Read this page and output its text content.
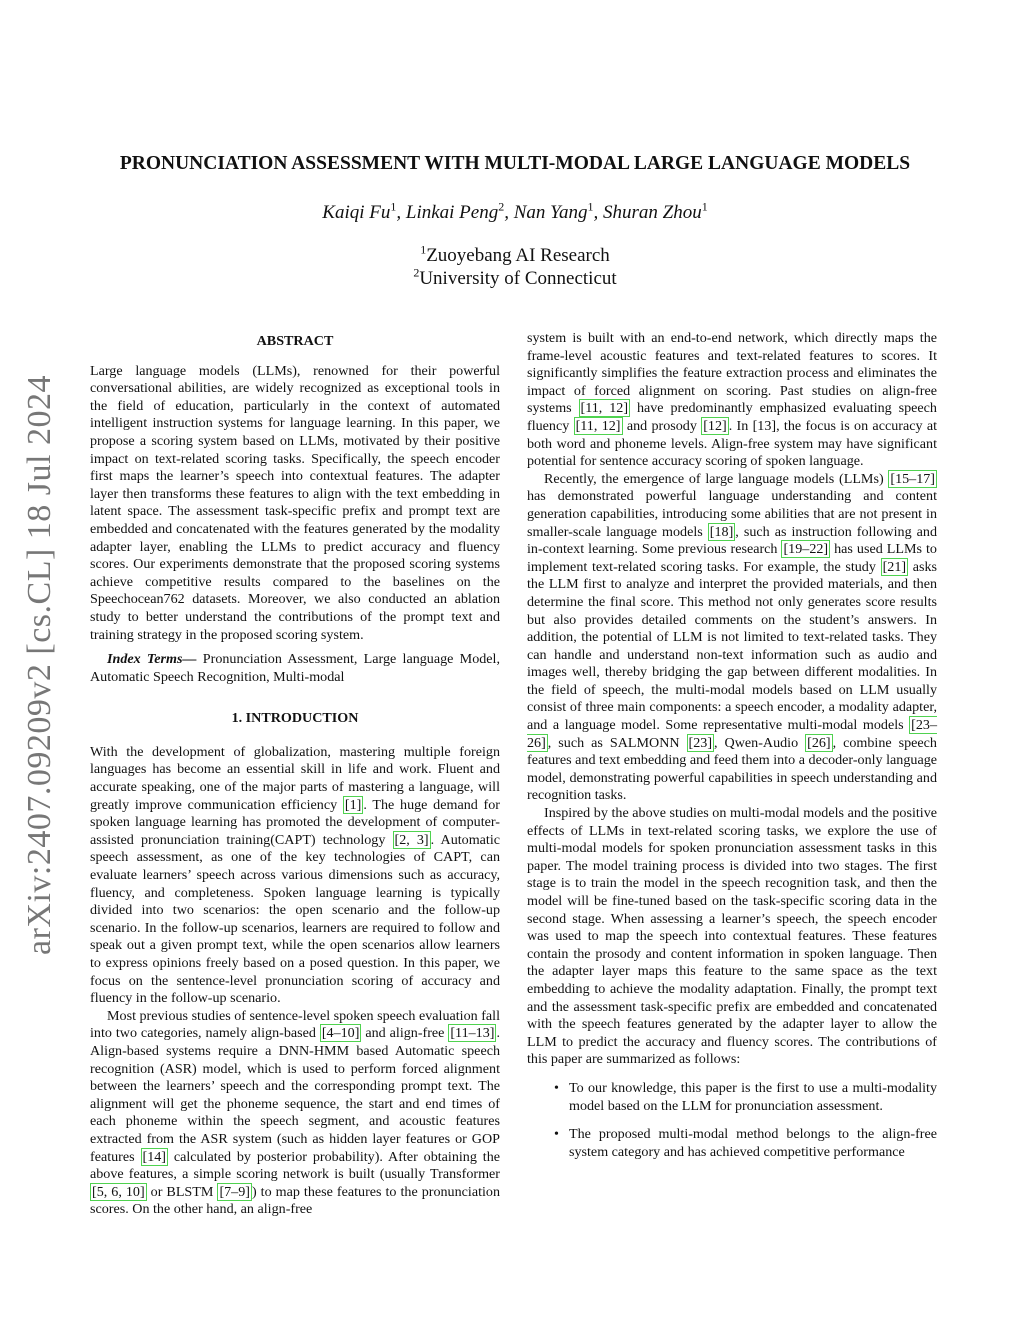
arXiv:2407.09209v2 [cs.CL] 18 Jul 2024
PRONUNCIATION ASSESSMENT WITH MULTI-MODAL LARGE LANGUAGE MODELS
Kaiqi Fu$^1$, Linkai Peng$^2$, Nan Yang$^1$, Shuran Zhou$^1$
$^1$Zuoyebang AI Research
$^2$University of Connecticut
ABSTRACT

Large language models (LLMs), renowned for their powerful conversational abilities, are widely recognized as exceptional tools in the field of education, particularly in the context of automated intelligent instruction systems for language learning. In this paper, we propose a scoring system based on LLMs, motivated by their positive impact on text-related scoring tasks. Specifically, the speech encoder first maps the learner’s speech into contextual features. The adapter layer then transforms these features to align with the text embedding in latent space. The assessment task-specific prefix and prompt text are embedded and concatenated with the features generated by the modality adapter layer, enabling the LLMs to predict accuracy and fluency scores. Our experiments demonstrate that the proposed scoring systems achieve competitive results compared to the baselines on the Speechocean762 datasets. Moreover, we also conducted an ablation study to better understand the contributions of the prompt text and training strategy in the proposed scoring system.

Index Terms— Pronunciation Assessment, Large language Model, Automatic Speech Recognition, Multi-modal

1. INTRODUCTION

With the development of globalization, mastering multiple foreign languages has become an essential skill in life and work. Fluent and accurate speaking, one of the major parts of mastering a language, will greatly improve communication efficiency [1] . The huge demand for spoken language learning has promoted the development of computer-assisted pronunciation training(CAPT) technology [2, 3] . Automatic speech assessment, as one of the key technologies of CAPT, can evaluate learners’ speech across various dimensions such as accuracy, fluency, and completeness. Spoken language learning is typically divided into two scenarios: the open scenario and the follow-up scenario. In the follow-up scenarios, learners are required to follow and speak out a given prompt text, while the open scenarios allow learners to express opinions freely based on a posed question. In this paper, we focus on the sentence-level pronunciation scoring of accuracy and fluency in the follow-up scenario.

Most previous studies of sentence-level spoken speech evaluation fall into two categories, namely align-based [4–10] and align-free [11–13] . Align-based systems require a DNN-HMM based Automatic speech recognition (ASR) model, which is used to perform forced alignment between the learners’ speech and the corresponding prompt text. The alignment will get the phoneme sequence, the start and end times of each phoneme within the speech segment, and acoustic features extracted from the ASR system (such as hidden layer features or GOP features [14] calculated by posterior probability). After obtaining the above features, a simple scoring network is built (usually Transformer [5, 6, 10] or BLSTM [7–9] ) to map these features to the pronunciation scores. On the other hand, an align-free

system is built with an end-to-end network, which directly maps the frame-level acoustic features and text-related features to scores. It significantly simplifies the feature extraction process and eliminates the impact of forced alignment on scoring. Past studies on align-free systems [11, 12] have predominantly emphasized evaluating speech fluency [11, 12] and prosody [12] . In [13], the focus is on accuracy at both word and phoneme levels. Align-free system may have significant potential for sentence accuracy scoring of spoken language.

Recently, the emergence of large language models (LLMs) [15–17] has demonstrated powerful language understanding and content generation capabilities, introducing some abilities that are not present in smaller-scale language models [18] , such as instruction following and in-context learning. Some previous research [19–22] has used LLMs to implement text-related scoring tasks. For example, the study [21] asks the LLM first to analyze and interpret the provided materials, and then determine the final score. This method not only generates score results but also provides detailed comments on the student’s answers. In addition, the potential of LLM is not limited to text-related tasks. They can handle and understand non-text information such as audio and images well, thereby bridging the gap between different modalities. In the field of speech, the multi-modal models based on LLM usually consist of three main components: a speech encoder, a modality adapter, and a language model. Some representative multi-modal models [23–26] , such as SALMONN [23] , Qwen-Audio [26] , combine speech features and text embedding and feed them into a decoder-only language model, demonstrating powerful capabilities in speech understanding and recognition tasks.

Inspired by the above studies on multi-modal models and the positive effects of LLMs in text-related scoring tasks, we explore the use of multi-modal models for spoken pronunciation assessment tasks in this paper. The model training process is divided into two stages. The first stage is to train the model in the speech recognition task, and then the model will be fine-tuned based on the task-specific scoring data in the second stage. When assessing a learner’s speech, the speech encoder was used to map the speech into contextual features. These features contain the prosody and content information in spoken language. Then the adapter layer maps this feature to the same space as the text embedding to achieve the modality adaptation. Finally, the prompt text and the assessment task-specific prefix are embedded and concatenated with the speech features generated by the adapter layer to allow the LLM to predict the accuracy and fluency scores. The contributions of this paper are summarized as follows:

• To our knowledge, this paper is the first to use a multi-modality model based on the LLM for pronunciation assessment.
• The proposed multi-modal method belongs to the align-free system category and has achieved competitive performance
